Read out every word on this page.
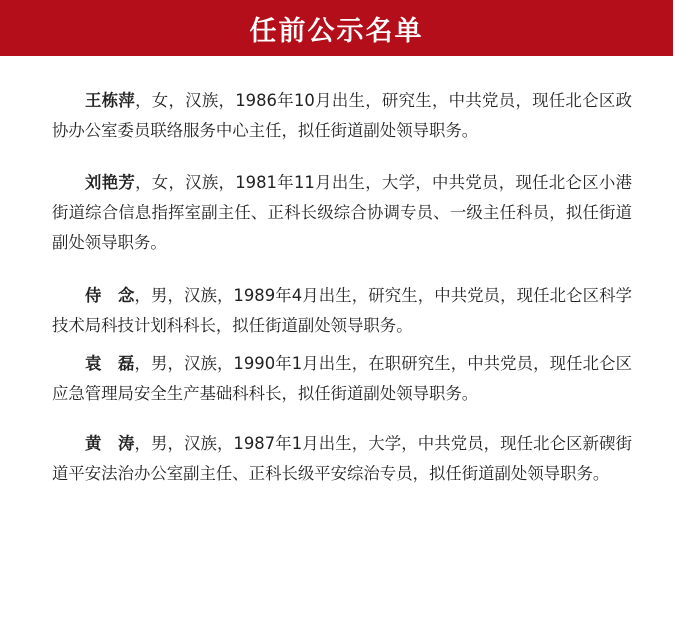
任前公示名单

王栋萍，女，汉族，1986年10月出生，研究生，中共党员，现任北仑区政协办公室委员联络服务中心主任，拟任街道副处领导职务。

刘艳芳，女，汉族，1981年11月出生，大学，中共党员，现任北仑区小港街道综合信息指挥室副主任、正科长级综合协调专员、一级主任科员，拟任街道副处领导职务。

侍　念，男，汉族，1989年4月出生，研究生，中共党员，现任北仑区科学技术局科技计划科科长，拟任街道副处领导职务。

袁　磊，男，汉族，1990年1月出生，在职研究生，中共党员，现任北仑区应急管理局安全生产基础科科长，拟任街道副处领导职务。

黄　涛，男，汉族，1987年1月出生，大学，中共党员，现任北仑区新碶街道平安法治办公室副主任、正科长级平安综治专员，拟任街道副处领导职务。
